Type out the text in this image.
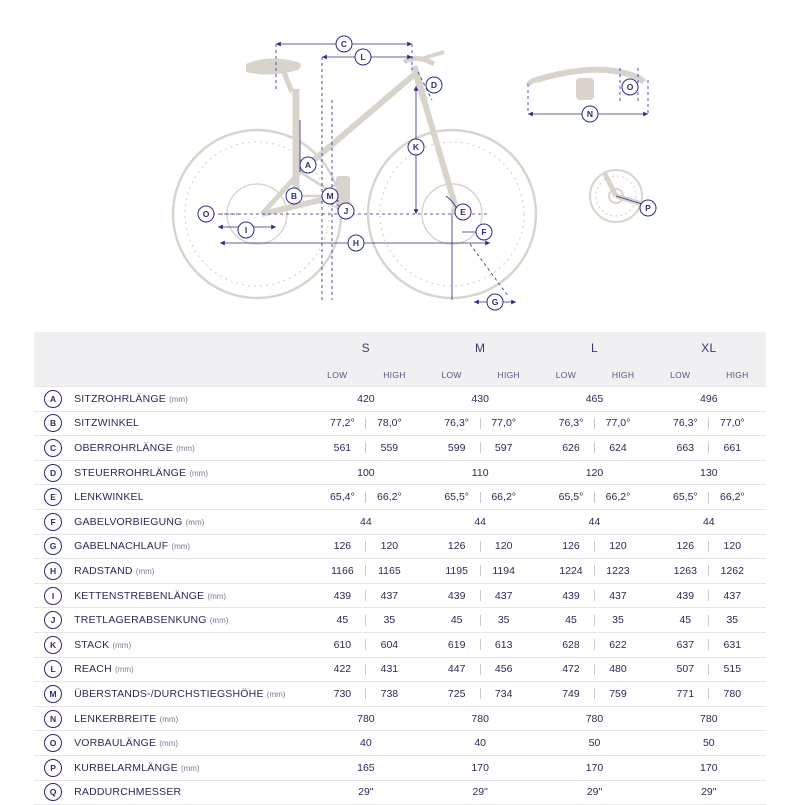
C
L
D
A
B	M
J
K
O
I
H
E
F
G
O
N
P
		S	M	L	XL

		LOW HIGH	LOW HIGH	LOW HIGH	LOW HIGH

A	SITZROHRLÄNGE (mm)	420	430	465	496

B	SITZWINKEL	77,2° 78,0°	76,3° 77,0°	76,3° 77,0°	76,3° 77,0°

C	OBERROHRLÄNGE (mm)	561 559	599 597	626 624	663 661

D	STEUERROHRLÄNGE (mm)	100	110	120	130

E	LENKWINKEL	65,4° 66,2°	65,5° 66,2°	65,5° 66,2°	65,5° 66,2°

F	GABELVORBIEGUNG (mm)	44	44	44	44

G	GABELNACHLAUF (mm)	126 120	126 120	126 120	126 120

H	RADSTAND (mm)	1166 1165	1195 1194	1224 1223	1263 1262

I	KETTENSTREBENLÄNGE (mm)	439 437	439 437	439 437	439 437

J	TRETLAGERABSENKUNG (mm)	45 35	45 35	45 35	45 35

K	STACK (mm)	610 604	619 613	628 622	637 631

L	REACH (mm)	422 431	447 456	472 480	507 515

M	ÜBERSTANDS-/DURCHSTIEGSHÖHE (mm)	730 738	725 734	749 759	771 780

N	LENKERBREITE (mm)	780	780	780	780

O	VORBAULÄNGE (mm)	40	40	50	50

P	KURBELARMLÄNGE (mm)	165	170	170	170

Q	RADDURCHMESSER	29"	29"	29"	29"
